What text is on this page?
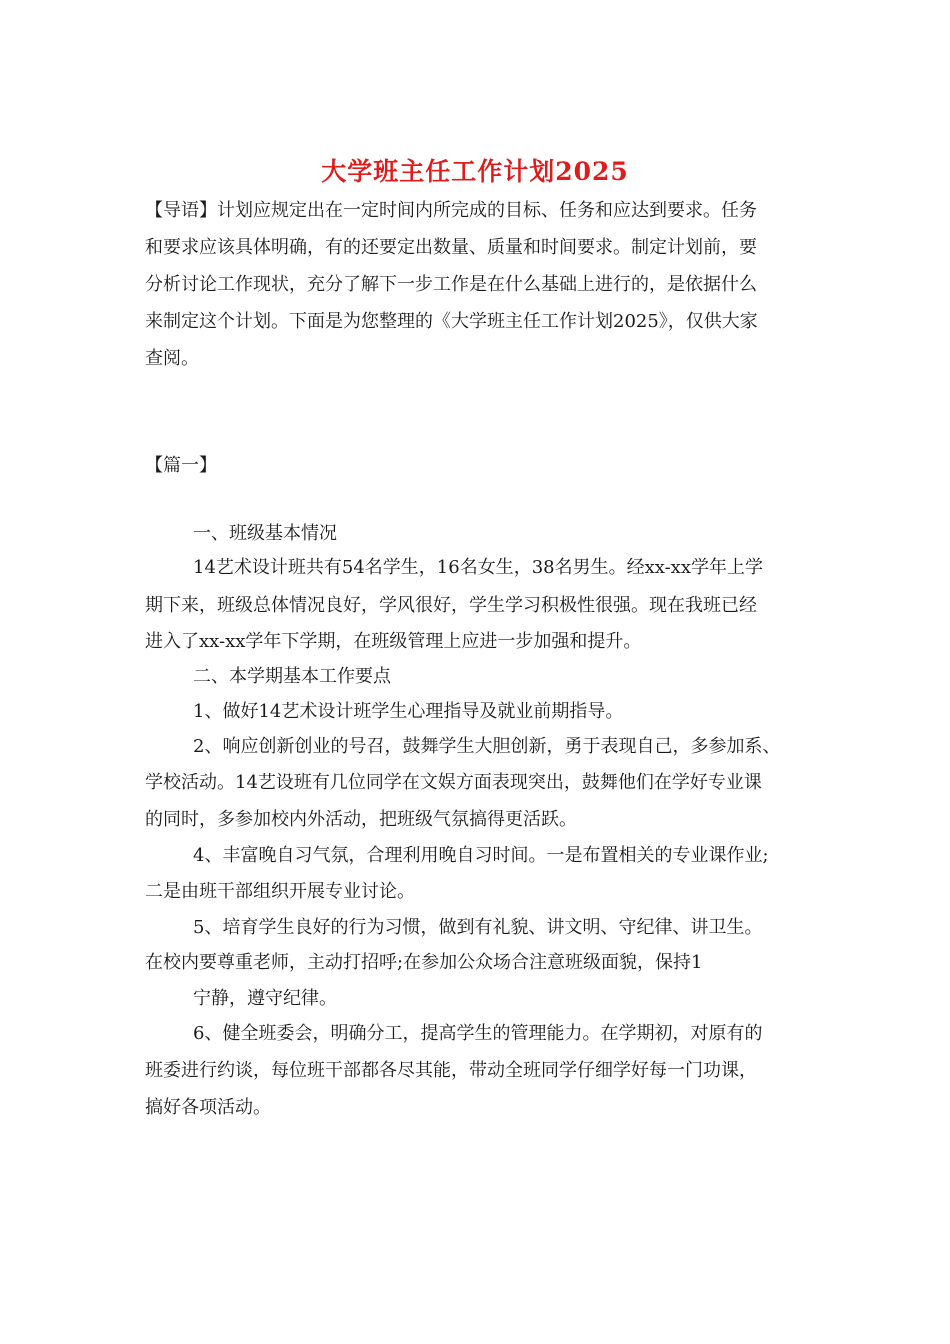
大学班主任工作计划2025
【导语】计划应规定出在一定时间内所完成的目标、任务和应达到要求。任务
和要求应该具体明确，有的还要定出数量、质量和时间要求。制定计划前，要
分析讨论工作现状，充分了解下一步工作是在什么基础上进行的，是依据什么
来制定这个计划。下面是为您整理的《大学班主任工作计划2025》，仅供大家
查阅。
【篇一】
一、班级基本情况
14艺术设计班共有54名学生，16名女生，38名男生。经xx-xx学年上学
期下来，班级总体情况良好，学风很好，学生学习积极性很强。现在我班已经
进入了xx-xx学年下学期，在班级管理上应进一步加强和提升。
二、本学期基本工作要点
1、做好14艺术设计班学生心理指导及就业前期指导。
2、响应创新创业的号召，鼓舞学生大胆创新，勇于表现自己，多参加系、
学校活动。14艺设班有几位同学在文娱方面表现突出，鼓舞他们在学好专业课
的同时，多参加校内外活动，把班级气氛搞得更活跃。
4、丰富晚自习气氛，合理利用晚自习时间。一是布置相关的专业课作业;
二是由班干部组织开展专业讨论。
5、培育学生良好的行为习惯，做到有礼貌、讲文明、守纪律、讲卫生。
在校内要尊重老师，主动打招呼;在参加公众场合注意班级面貌，保持1
宁静，遵守纪律。
6、健全班委会，明确分工，提高学生的管理能力。在学期初，对原有的
班委进行约谈，每位班干部都各尽其能，带动全班同学仔细学好每一门功课，
搞好各项活动。
